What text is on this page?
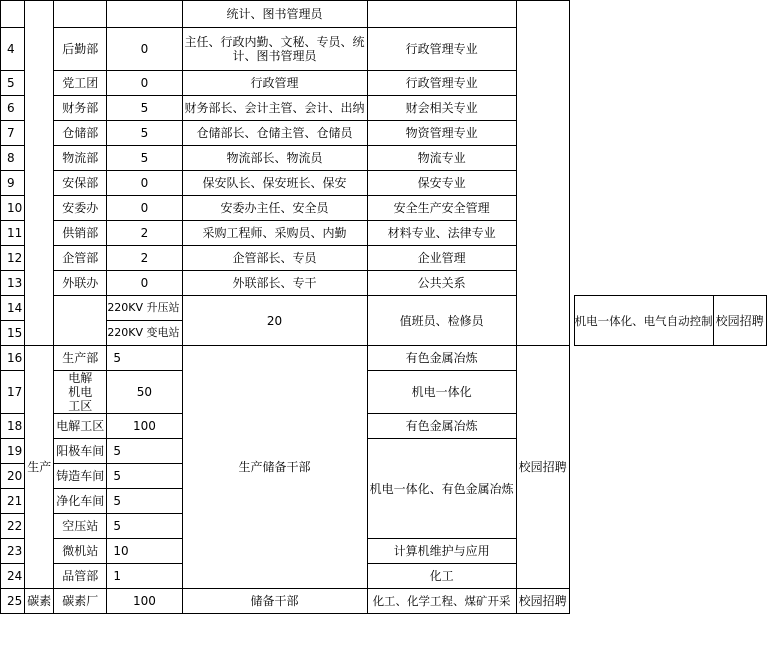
				统计、图书管理员					
4		后勤部	0	主任、行政内勤、文秘、专员、统计、图书管理员	行政管理专业				
5		党工团	0	行政管理	行政管理专业				
6		财务部	5	财务部长、会计主管、会计、出纳	财会相关专业				
7		仓储部	5	仓储部长、仓储主管、仓储员	物资管理专业				
8		物流部	5	物流部长、物流员	物流专业				
9		安保部	0	保安队长、保安班长、保安	保安专业				
10		安委办	0	安委办主任、安全员	安全生产安全管理				
11		供销部	2	采购工程师、采购员、内勤	材料专业、法律专业				
12		企管部	2	企管部长、专员	企业管理				
13		外联办	0	外联部长、专干	公共关系				
14			220KV 升压站	20	值班员、检修员			机电一体化、电气自动控制	校园招聘
15			220KV 变电站						
16	生产	生产部	5	生产储备干部	有色金属冶炼	校园招聘			
17		电解机电工区	50		机电一体化				
18		电解工区	100		有色金属冶炼				
19		阳极车间	5		机电一体化、有色金属冶炼				
20		铸造车间	5						
21		净化车间	5						
22		空压站	5						
23		微机站	10		计算机维护与应用				
24		品管部	1		化工				
25	碳素	碳素厂	100	储备干部	化工、化学工程、煤矿开采	校园招聘			
